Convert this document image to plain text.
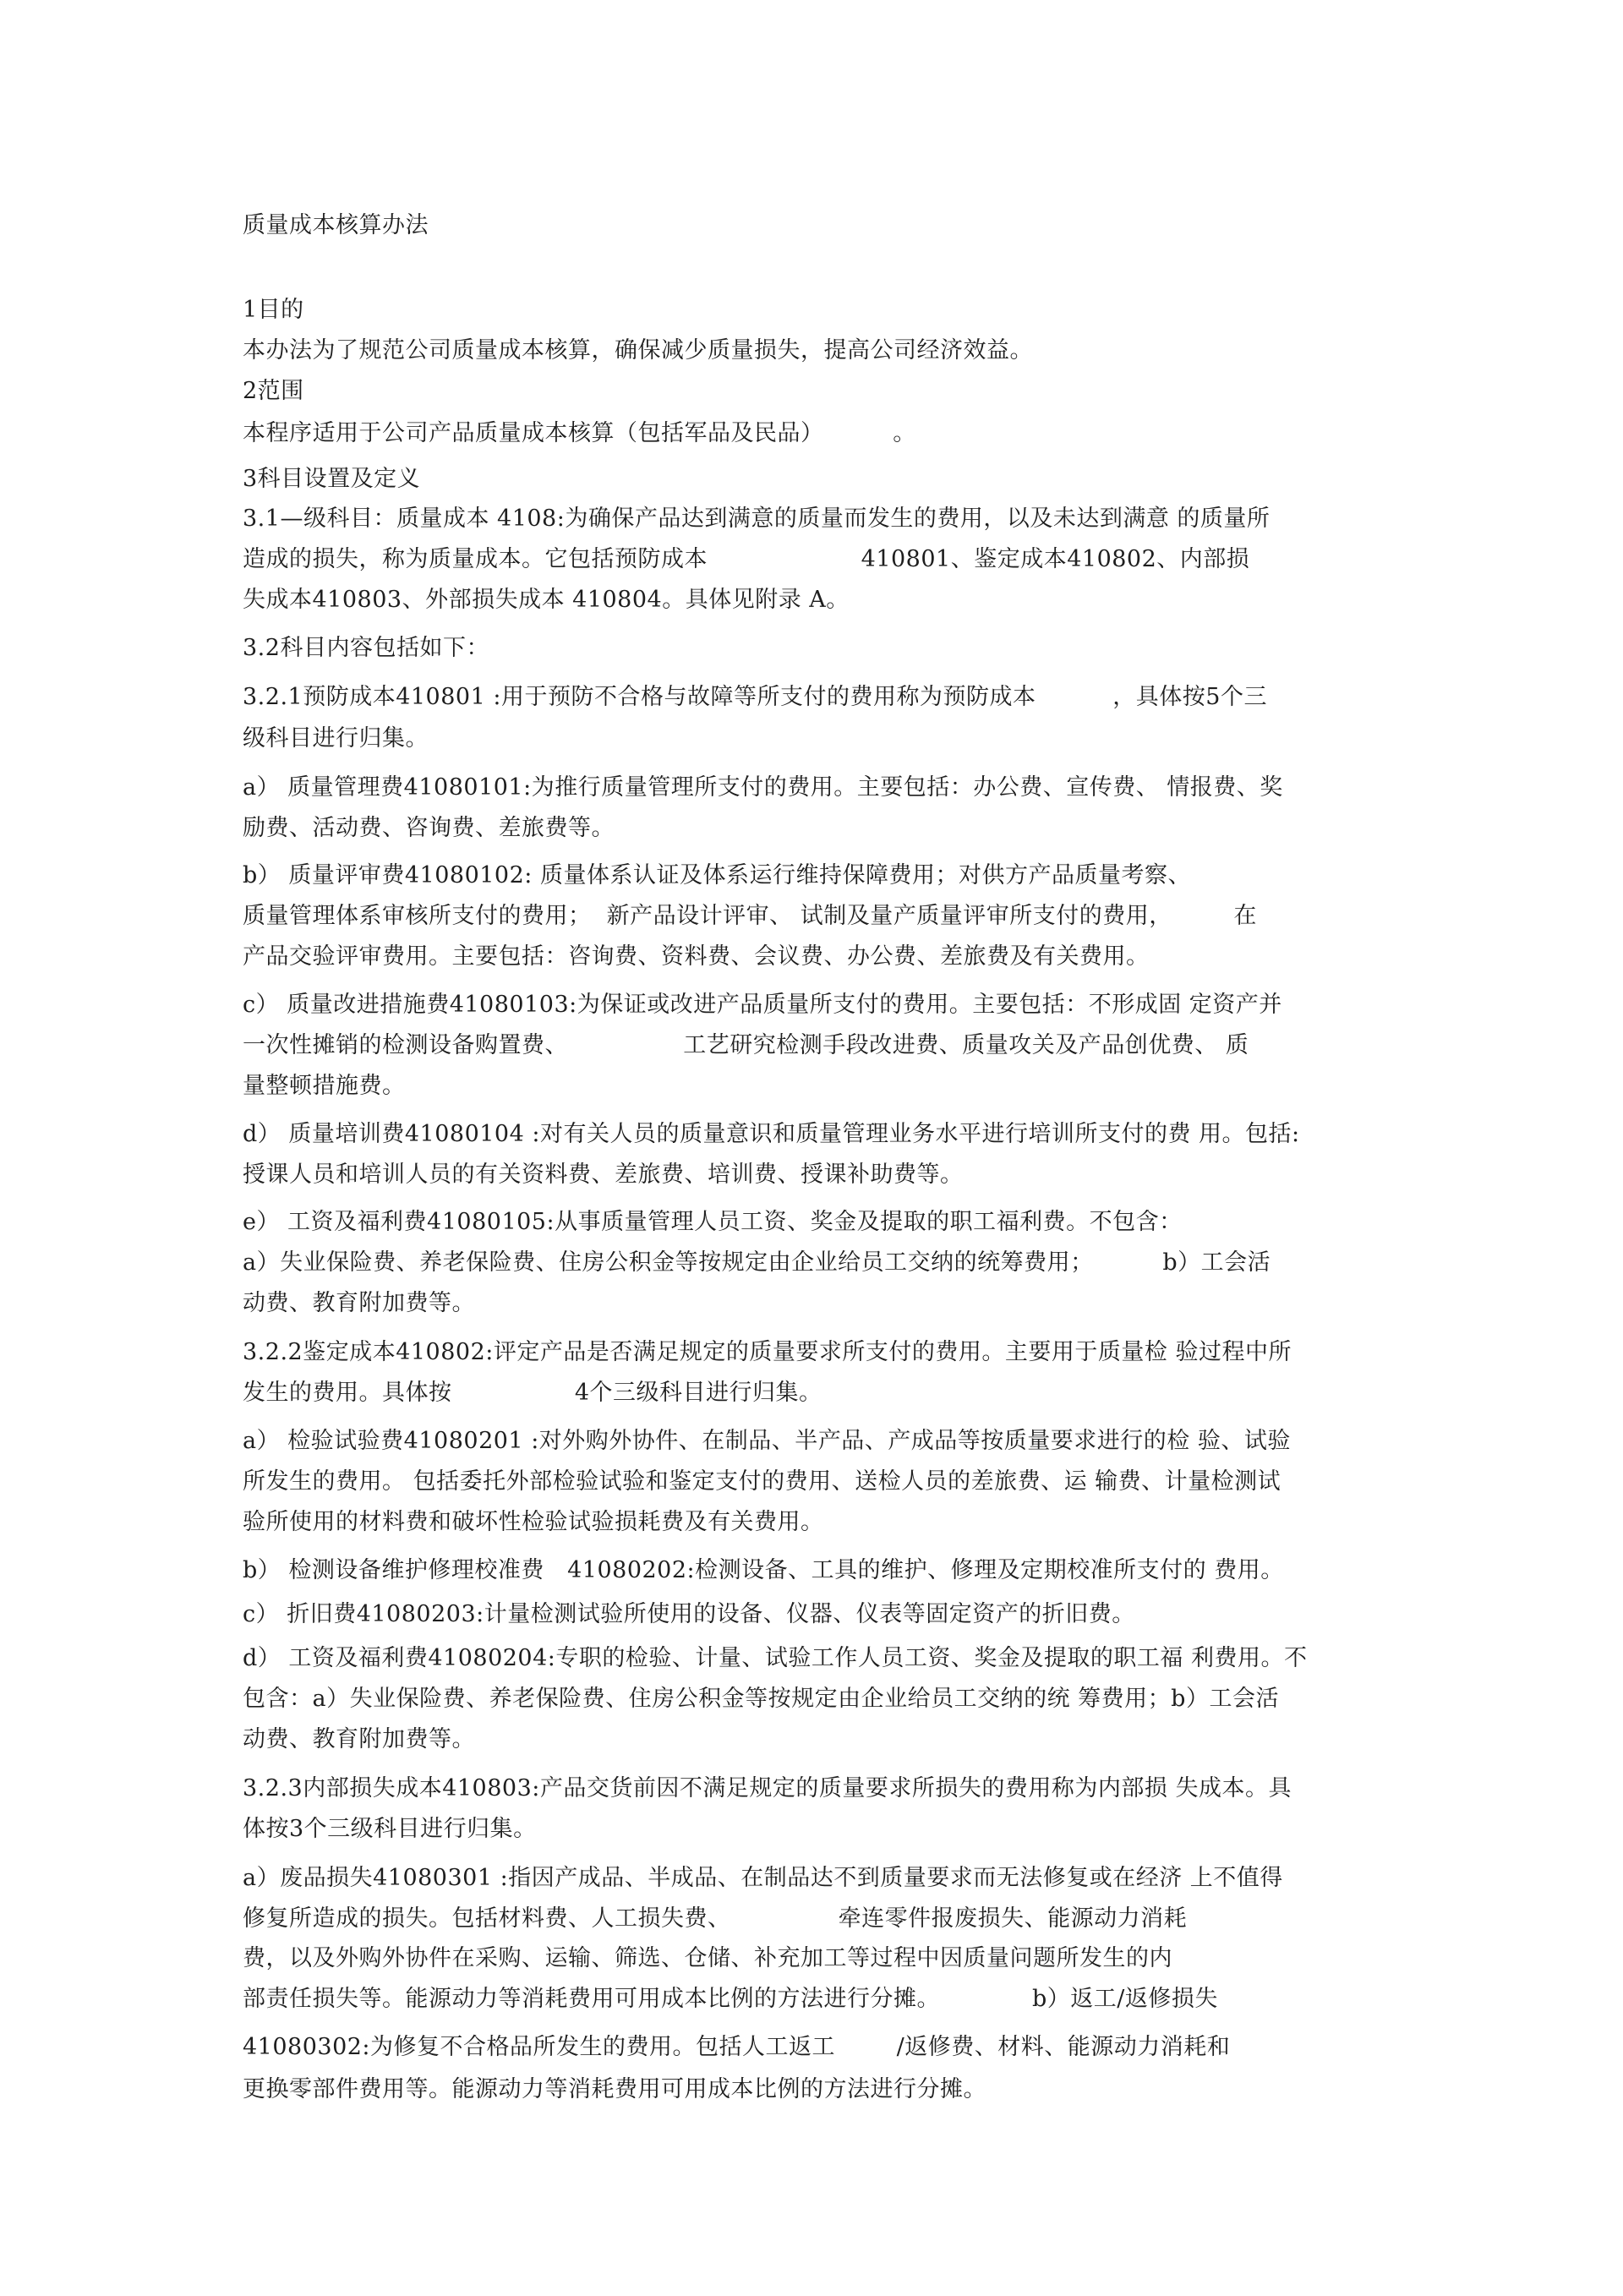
质量成本核算办法
1目的
本办法为了规范公司质量成本核算，确保减少质量损失，提高公司经济效益。
2范围
本程序适用于公司产品质量成本核算（包括军品及民品）         。
3科目设置及定义
3.1—级科目：质量成本 4108:为确保产品达到满意的质量而发生的费用，以及未达到满意 的质量所
造成的损失，称为质量成本。它包括预防成本                    410801、鉴定成本410802、内部损
失成本410803、外部损失成本 410804。具体见附录 A。
3.2科目内容包括如下：
3.2.1预防成本410801 :用于预防不合格与故障等所支付的费用称为预防成本          ，具体按5个三
级科目进行归集。
a） 质量管理费41080101:为推行质量管理所支付的费用。主要包括：办公费、宣传费、 情报费、奖
励费、活动费、咨询费、差旅费等。
b） 质量评审费41080102: 质量体系认证及体系运行维持保障费用；对供方产品质量考察、
质量管理体系审核所支付的费用；  新产品设计评审、 试制及量产质量评审所支付的费用，        在
产品交验评审费用。主要包括：咨询费、资料费、会议费、办公费、差旅费及有关费用。
c） 质量改进措施费41080103:为保证或改进产品质量所支付的费用。主要包括：不形成固 定资产并
一次性摊销的检测设备购置费、               工艺研究检测手段改进费、质量攻关及产品创优费、 质
量整顿措施费。
d） 质量培训费41080104 :对有关人员的质量意识和质量管理业务水平进行培训所支付的费 用。包括:
授课人员和培训人员的有关资料费、差旅费、培训费、授课补助费等。
e） 工资及福利费41080105:从事质量管理人员工资、奖金及提取的职工福利费。不包含：
a）失业保险费、养老保险费、住房公积金等按规定由企业给员工交纳的统筹费用；         b）工会活
动费、教育附加费等。
3.2.2鉴定成本410802:评定产品是否满足规定的质量要求所支付的费用。主要用于质量检 验过程中所
发生的费用。具体按                4个三级科目进行归集。
a） 检验试验费41080201 :对外购外协件、在制品、半产品、产成品等按质量要求进行的检 验、试验
所发生的费用。 包括委托外部检验试验和鉴定支付的费用、送检人员的差旅费、运 输费、计量检测试
验所使用的材料费和破坏性检验试验损耗费及有关费用。
b） 检测设备维护修理校准费   41080202:检测设备、工具的维护、修理及定期校准所支付的 费用。
c） 折旧费41080203:计量检测试验所使用的设备、仪器、仪表等固定资产的折旧费。
d） 工资及福利费41080204:专职的检验、计量、试验工作人员工资、奖金及提取的职工福 利费用。不
包含：a）失业保险费、养老保险费、住房公积金等按规定由企业给员工交纳的统 筹费用；b）工会活
动费、教育附加费等。
3.2.3内部损失成本410803:产品交货前因不满足规定的质量要求所损失的费用称为内部损 失成本。具
体按3个三级科目进行归集。
a）废品损失41080301 :指因产成品、半成品、在制品达不到质量要求而无法修复或在经济 上不值得
修复所造成的损失。包括材料费、人工损失费、              牵连零件报废损失、能源动力消耗
费，以及外购外协件在采购、运输、筛选、仓储、补充加工等过程中因质量问题所发生的内
部责任损失等。能源动力等消耗费用可用成本比例的方法进行分摊。            b）返工/返修损失
41080302:为修复不合格品所发生的费用。包括人工返工        /返修费、材料、能源动力消耗和
更换零部件费用等。能源动力等消耗费用可用成本比例的方法进行分摊。
